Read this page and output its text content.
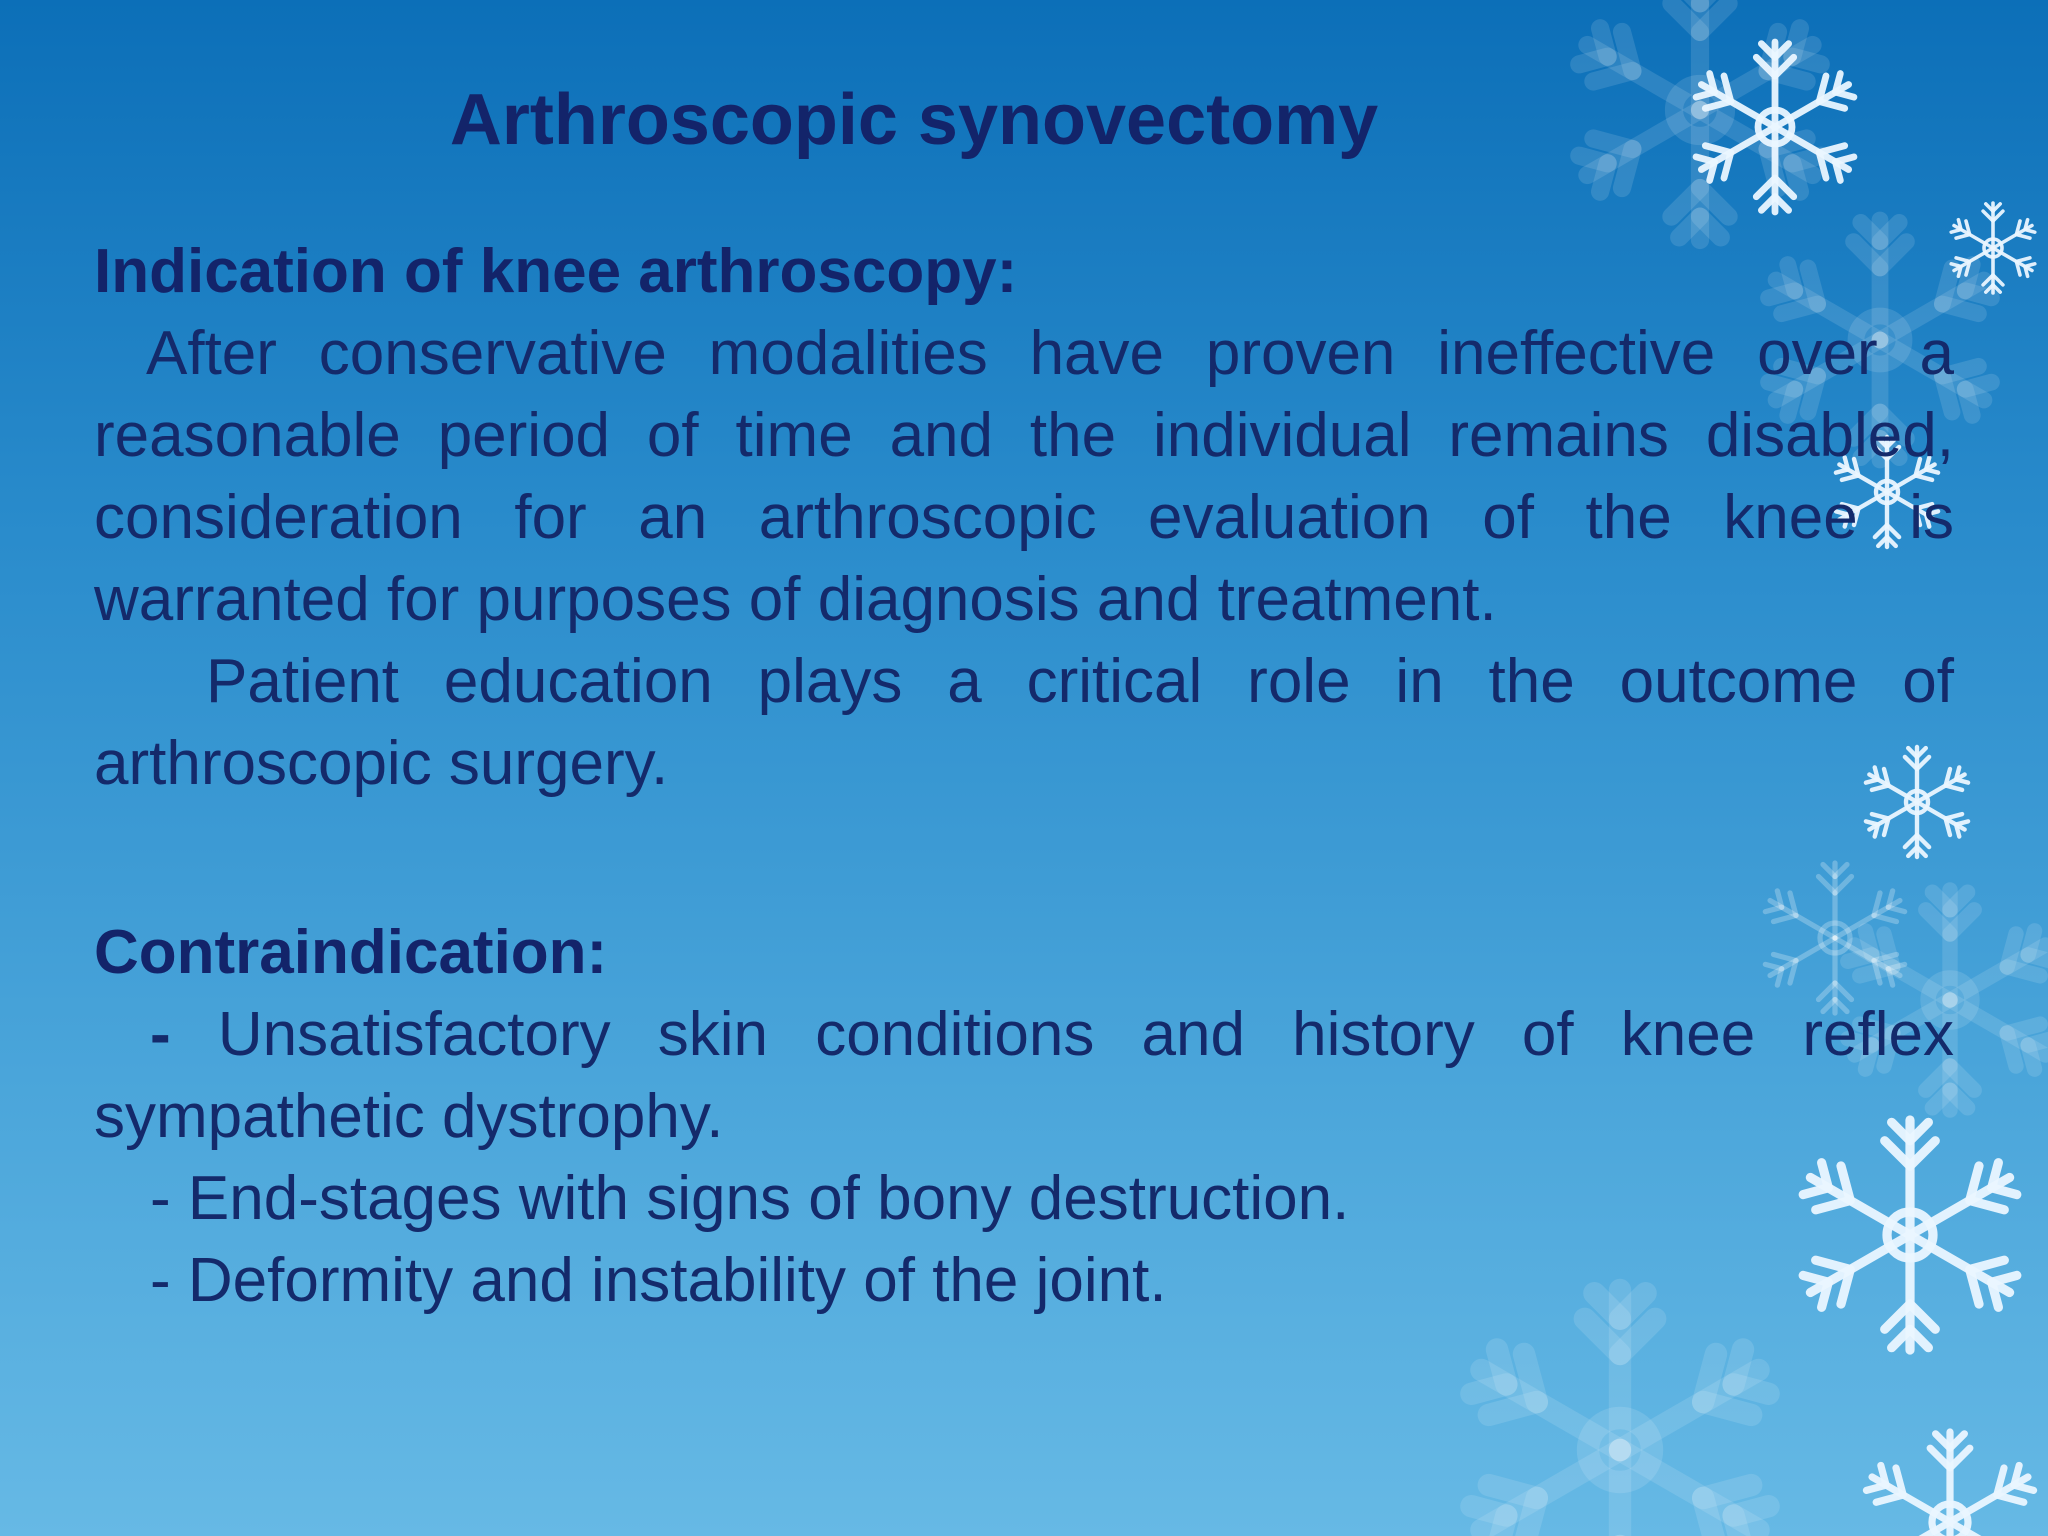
Arthroscopic synovectomy

Indication of knee arthroscopy:

After conservative modalities have proven ineffective over a reasonable period of time and the individual remains disabled, consideration for an arthroscopic evaluation of the knee is warranted for purposes of diagnosis and treatment.

Patient education plays a critical role in the outcome of arthroscopic surgery.

Contraindication:

- Unsatisfactory skin conditions and history of knee reflex sympathetic dystrophy.

- End-stages with signs of bony destruction.

- Deformity and instability of the joint.
